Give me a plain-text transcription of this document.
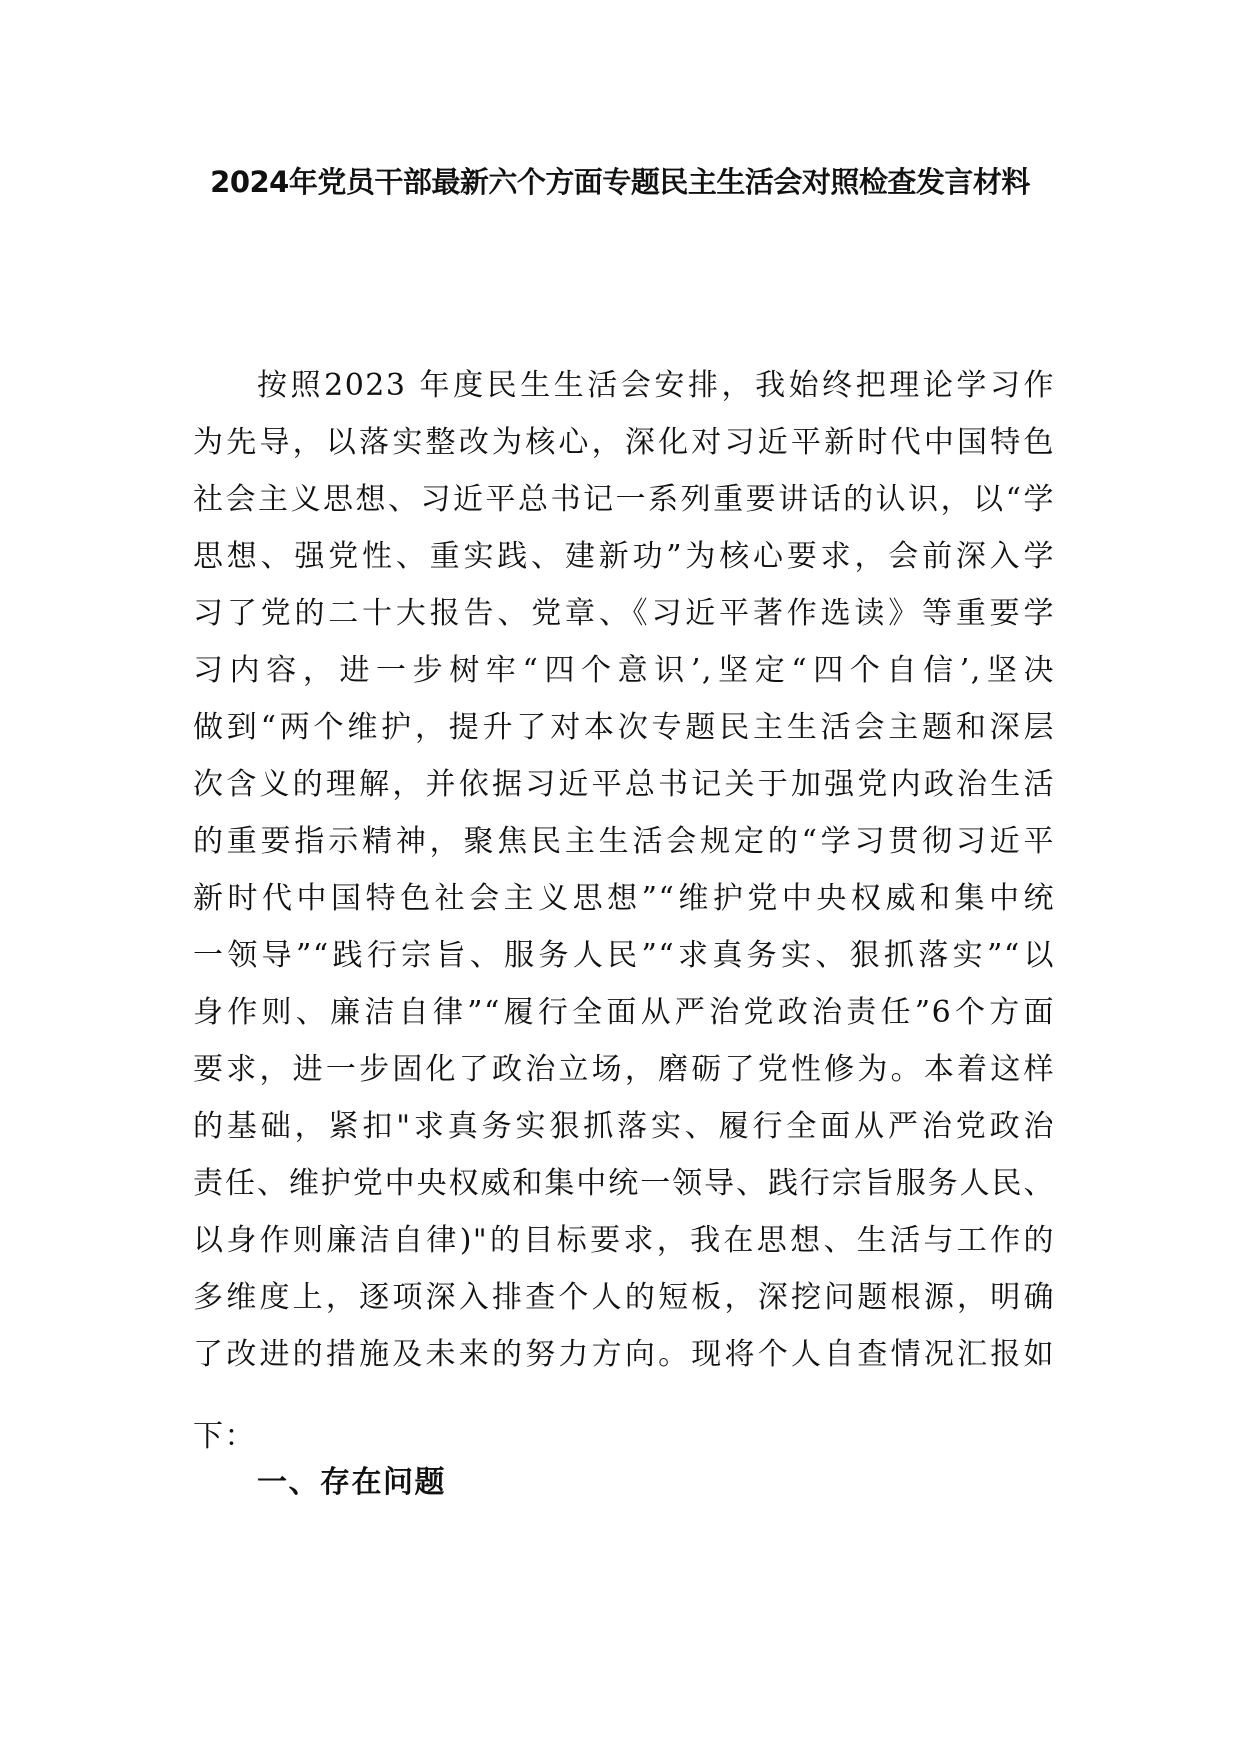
2024年党员干部最新六个方面专题民主生活会对照检查发言材料
按照2023 年度民生生活会安排，我始终把理论学习作
为先导，以落实整改为核心，深化对习近平新时代中国特色
社会主义思想、习近平总书记一系列重要讲话的认识，以“学
思想、强党性、重实践、建新功”为核心要求，会前深入学
习了党的二十大报告、党章、《习近平著作选读》等重要学
习内容，进一步树牢“四个意识’,坚定“四个自信’,坚决
做到“两个维护，提升了对本次专题民主生活会主题和深层
次含义的理解，并依据习近平总书记关于加强党内政治生活
的重要指示精神，聚焦民主生活会规定的“学习贯彻习近平
新时代中国特色社会主义思想”“维护党中央权威和集中统
一领导”“践行宗旨、服务人民”“求真务实、狠抓落实”“以
身作则、廉洁自律”“履行全面从严治党政治责任”6个方面
要求，进一步固化了政治立场，磨砺了党性修为。本着这样
的基础，紧扣"求真务实狠抓落实、履行全面从严治党政治
责任、维护党中央权威和集中统一领导、践行宗旨服务人民、
以身作则廉洁自律)"的目标要求，我在思想、生活与工作的
多维度上，逐项深入排查个人的短板，深挖问题根源，明确
了改进的措施及未来的努力方向。现将个人自查情况汇报如
下：
一、存在问题
